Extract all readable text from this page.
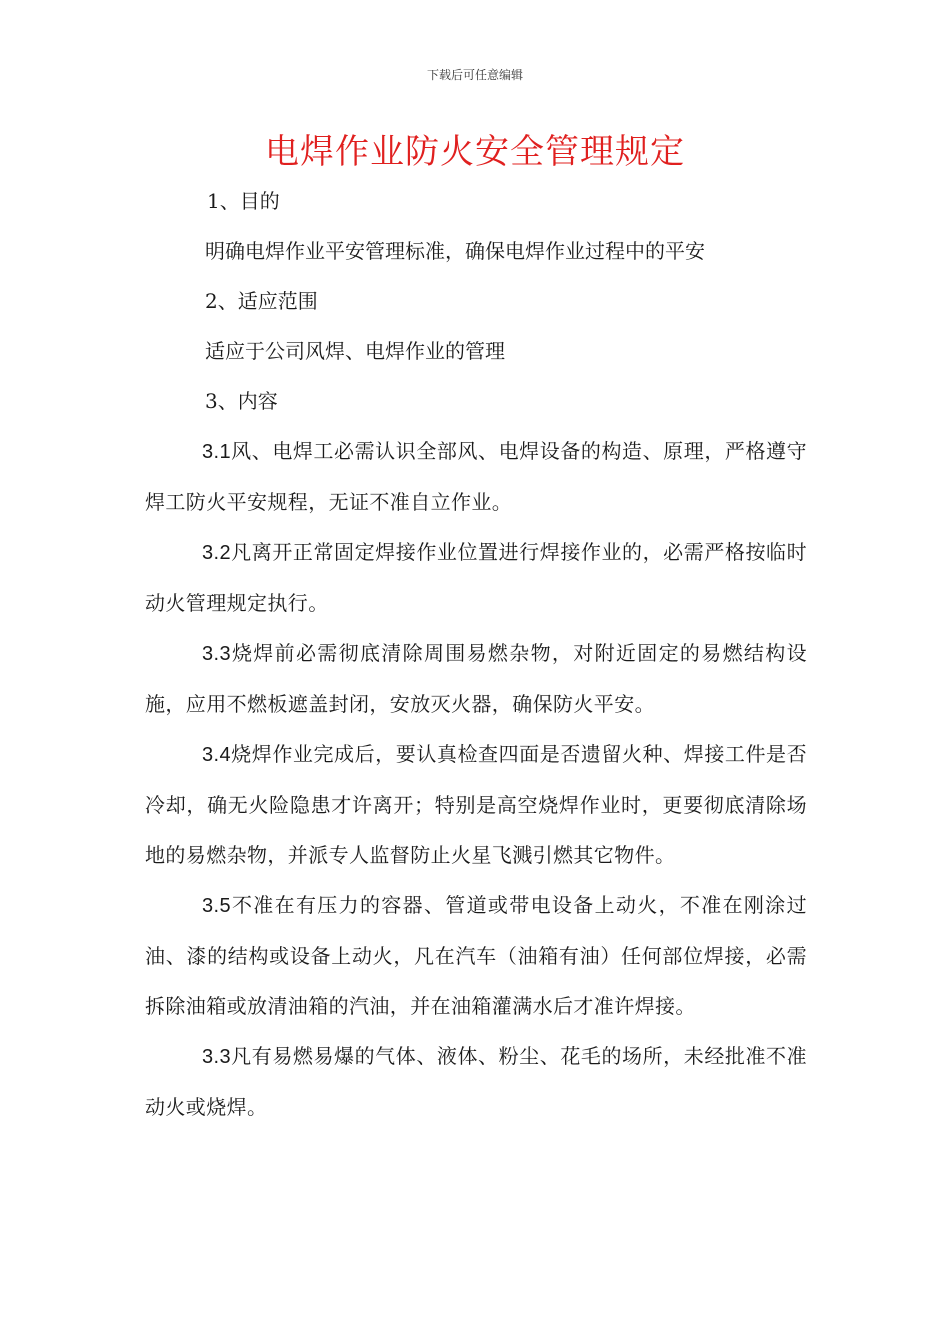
下载后可任意编辑
电焊作业防火安全管理规定

1、目的

明确电焊作业平安管理标准，确保电焊作业过程中的平安

2、适应范围

适应于公司风焊、电焊作业的管理

3、内容

3.1风、电焊工必需认识全部风、电焊设备的构造、原理，严格遵守焊工防火平安规程，无证不准自立作业。

3.2凡离开正常固定焊接作业位置进行焊接作业的，必需严格按临时动火管理规定执行。

3.3烧焊前必需彻底清除周围易燃杂物，对附近固定的易燃结构设施，应用不燃板遮盖封闭，安放灭火器，确保防火平安。

3.4烧焊作业完成后，要认真检查四面是否遗留火种、焊接工件是否冷却，确无火险隐患才许离开；特别是高空烧焊作业时，更要彻底清除场地的易燃杂物，并派专人监督防止火星飞溅引燃其它物件。

3.5不准在有压力的容器、管道或带电设备上动火，不准在刚涂过油、漆的结构或设备上动火，凡在汽车（油箱有油）任何部位焊接，必需拆除油箱或放清油箱的汽油，并在油箱灌满水后才准许焊接。

3.3凡有易燃易爆的气体、液体、粉尘、花毛的场所，未经批准不准动火或烧焊。
